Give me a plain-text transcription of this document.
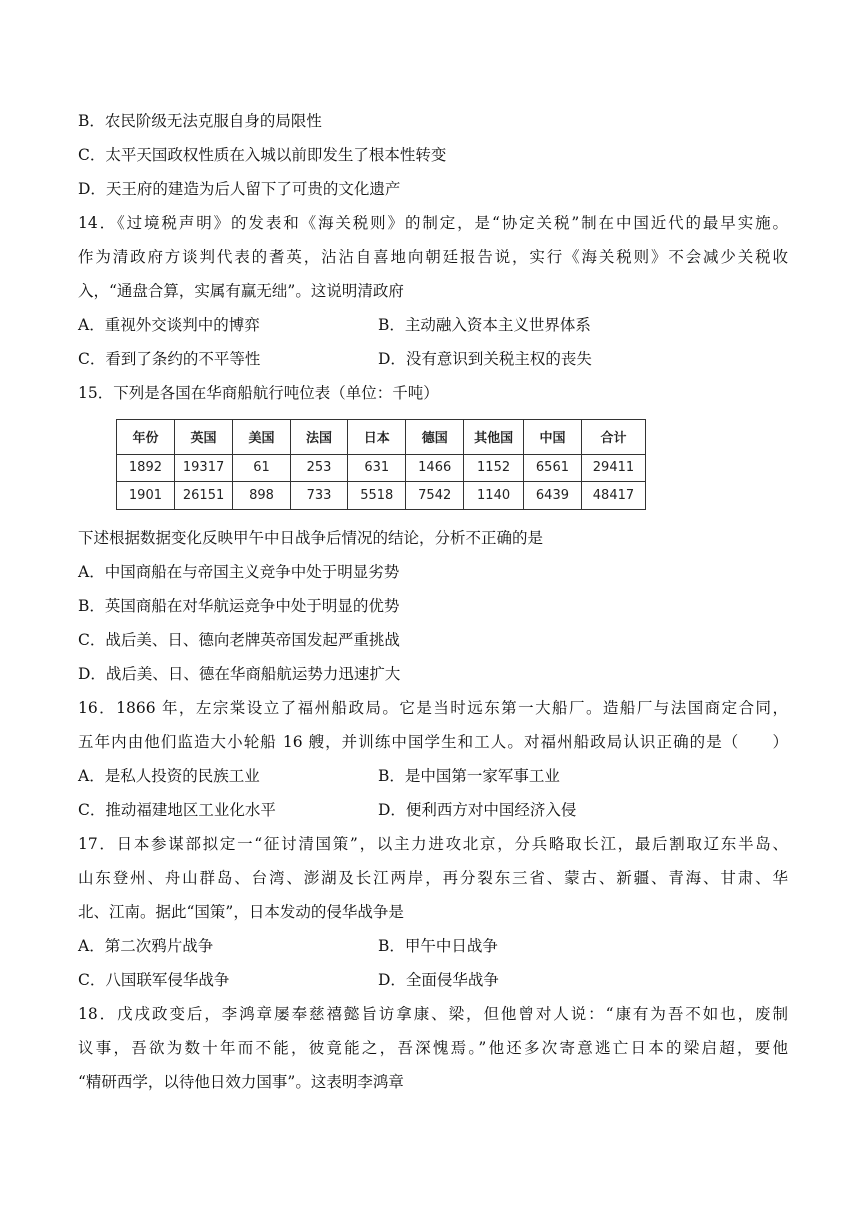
B．农民阶级无法克服自身的局限性
C．太平天国政权性质在入城以前即发生了根本性转变
D．天王府的建造为后人留下了可贵的文化遗产
14．《过境税声明》的发表和《海关税则》的制定，是“协定关税”制在中国近代的最早实施。
作为清政府方谈判代表的耆英，沾沾自喜地向朝廷报告说，实行《海关税则》不会减少关税收
入，“通盘合算，实属有赢无绌”。这说明清政府
A．重视外交谈判中的博弈	B．主动融入资本主义世界体系
C．看到了条约的不平等性	D．没有意识到关税主权的丧失
15．下列是各国在华商船航行吨位表（单位：千吨）
年份	英国	美国	法国	日本	德国	其他国	中国	合计
1892	19317	61	253	631	1466	1152	6561	29411
1901	26151	898	733	5518	7542	1140	6439	48417
下述根据数据变化反映甲午中日战争后情况的结论，分析不正确的是
A．中国商船在与帝国主义竞争中处于明显劣势
B．英国商船在对华航运竞争中处于明显的优势
C．战后美、日、德向老牌英帝国发起严重挑战
D．战后美、日、德在华商船航运势力迅速扩大
16．1866 年，左宗棠设立了福州船政局。它是当时远东第一大船厂。造船厂与法国商定合同，
五年内由他们监造大小轮船 16 艘，并训练中国学生和工人。对福州船政局认识正确的是（　　）
A．是私人投资的民族工业	B．是中国第一家军事工业
C．推动福建地区工业化水平	D．便利西方对中国经济入侵
17．日本参谋部拟定一“征讨清国策”，以主力进攻北京，分兵略取长江，最后割取辽东半岛、
山东登州、舟山群岛、台湾、澎湖及长江两岸，再分裂东三省、蒙古、新疆、青海、甘肃、华
北、江南。据此“国策”，日本发动的侵华战争是
A．第二次鸦片战争	B．甲午中日战争
C．八国联军侵华战争	D．全面侵华战争
18．戊戌政变后，李鸿章屡奉慈禧懿旨访拿康、梁，但他曾对人说：“康有为吾不如也，废制
议事，吾欲为数十年而不能，彼竟能之，吾深愧焉。”他还多次寄意逃亡日本的梁启超，要他
“精研西学，以待他日效力国事”。这表明李鸿章
